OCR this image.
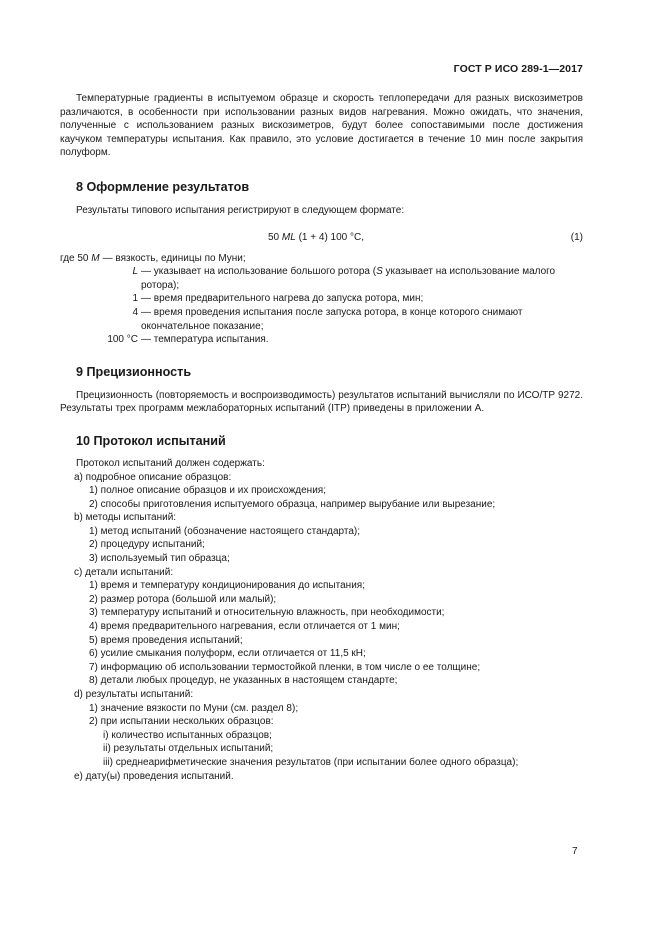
ГОСТ Р ИСО 289-1—2017

Температурные градиенты в испытуемом образце и скорость теплопередачи для разных вискозиметров различаются, в особенности при использовании разных видов нагревания. Можно ожидать, что значения, полученные с использованием разных вискозиметров, будут более сопоставимыми после достижения каучуком температуры испытания. Как правило, это условие достигается в течение 10 мин после закрытия полуформ.

8 Оформление результатов

Результаты типового испытания регистрируют в следующем формате:

50 ML (1 + 4) 100 °С,	(1)
где 50 M — вязкость, единицы по Муни;
L — указывает на использование большого ротора (S указывает на использование малого ротора);
1 — время предварительного нагрева до запуска ротора, мин;
4 — время проведения испытания после запуска ротора, в конце которого снимают окончательное показание;
100 °С — температура испытания.
9 Прецизионность

Прецизионность (повторяемость и воспроизводимость) результатов испытаний вычисляли по ИСО/ТР 9272. Результаты трех программ межлабораторных испытаний (ITP) приведены в приложении А.

10 Протокол испытаний

Протокол испытаний должен содержать:

a) подробное описание образцов:

1) полное описание образцов и их происхождения;

2) способы приготовления испытуемого образца, например вырубание или вырезание;

b) методы испытаний:

1) метод испытаний (обозначение настоящего стандарта);

2) процедуру испытаний;

3) используемый тип образца;

c) детали испытаний:

1) время и температуру кондиционирования до испытания;

2) размер ротора (большой или малый);

3) температуру испытаний и относительную влажность, при необходимости;

4) время предварительного нагревания, если отличается от 1 мин;

5) время проведения испытаний;

6) усилие смыкания полуформ, если отличается от 11,5 кН;

7) информацию об использовании термостойкой пленки, в том числе о ее толщине;

8) детали любых процедур, не указанных в настоящем стандарте;

d) результаты испытаний:

1) значение вязкости по Муни (см. раздел 8);

2) при испытании нескольких образцов:

i) количество испытанных образцов;

ii) результаты отдельных испытаний;

iii) среднеарифметические значения результатов (при испытании более одного образца);

e) дату(ы) проведения испытаний.

7
